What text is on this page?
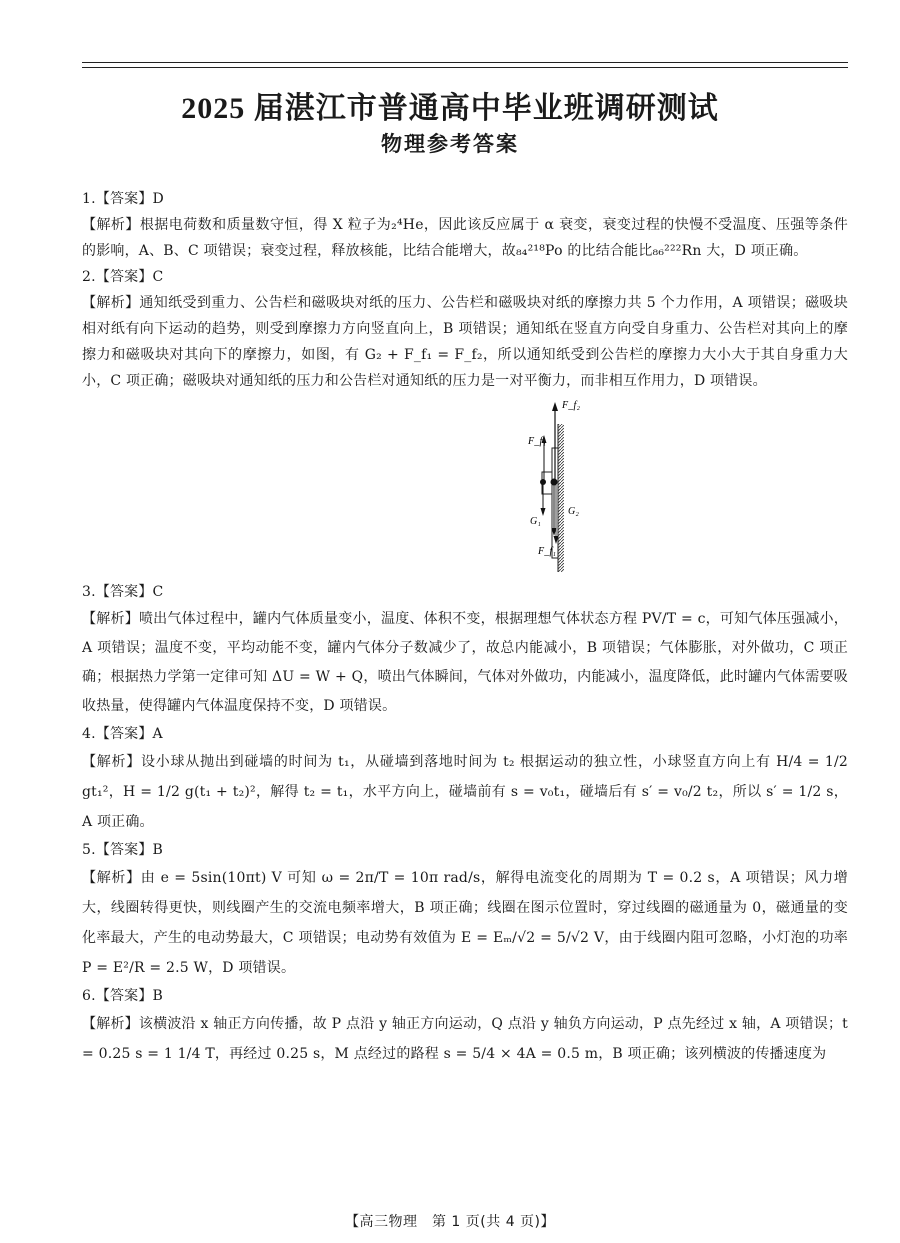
2025 届湛江市普通高中毕业班调研测试
物理参考答案

1.【答案】D

【解析】根据电荷数和质量数守恒，得 X 粒子为₂⁴He，因此该反应属于 α 衰变，衰变过程的快慢不受温度、压强等条件的影响，A、B、C 项错误；衰变过程，释放核能，比结合能增大，故₈₄²¹⁸Po 的比结合能比₈₆²²²Rn 大，D 项正确。

2.【答案】C

【解析】通知纸受到重力、公告栏和磁吸块对纸的压力、公告栏和磁吸块对纸的摩擦力共 5 个力作用，A 项错误；磁吸块相对纸有向下运动的趋势，则受到摩擦力方向竖直向上，B 项错误；通知纸在竖直方向受自身重力、公告栏对其向上的摩擦力和磁吸块对其向下的摩擦力，如图，有 G₂ + F_f₁ = F_f₂，所以通知纸受到公告栏的摩擦力大小大于其自身重力大小，C 项正确；磁吸块对通知纸的压力和公告栏对通知纸的压力是一对平衡力，而非相互作用力，D 项错误。

F_f₂
F_f₁
G₁
G₂
F_f₁

3.【答案】C

【解析】喷出气体过程中，罐内气体质量变小，温度、体积不变，根据理想气体状态方程 PV/T = c，可知气体压强减小，A 项错误；温度不变，平均动能不变，罐内气体分子数减少了，故总内能减小，B 项错误；气体膨胀，对外做功，C 项正确；根据热力学第一定律可知 ΔU = W + Q，喷出气体瞬间，气体对外做功，内能减小，温度降低，此时罐内气体需要吸收热量，使得罐内气体温度保持不变，D 项错误。

4.【答案】A

【解析】设小球从抛出到碰墙的时间为 t₁，从碰墙到落地时间为 t₂ 根据运动的独立性，小球竖直方向上有 H/4 = 1/2 gt₁²，H = 1/2 g(t₁ + t₂)²，解得 t₂ = t₁，水平方向上，碰墙前有 s = v₀t₁，碰墙后有 s′ = v₀/2 t₂，所以 s′ = 1/2 s，A 项正确。

5.【答案】B

【解析】由 e = 5sin(10πt) V 可知 ω = 2π/T = 10π rad/s，解得电流变化的周期为 T = 0.2 s，A 项错误；风力增大，线圈转得更快，则线圈产生的交流电频率增大，B 项正确；线圈在图示位置时，穿过线圈的磁通量为 0，磁通量的变化率最大，产生的电动势最大，C 项错误；电动势有效值为 E = Eₘ/√2 = 5/√2 V，由于线圈内阻可忽略，小灯泡的功率 P = E²/R = 2.5 W，D 项错误。

6.【答案】B

【解析】该横波沿 x 轴正方向传播，故 P 点沿 y 轴正方向运动，Q 点沿 y 轴负方向运动，P 点先经过 x 轴，A 项错误；t = 0.25 s = 1 1/4 T，再经过 0.25 s，M 点经过的路程 s = 5/4 × 4A = 0.5 m，B 项正确；该列横波的传播速度为

【高三物理　第 1 页(共 4 页)】
